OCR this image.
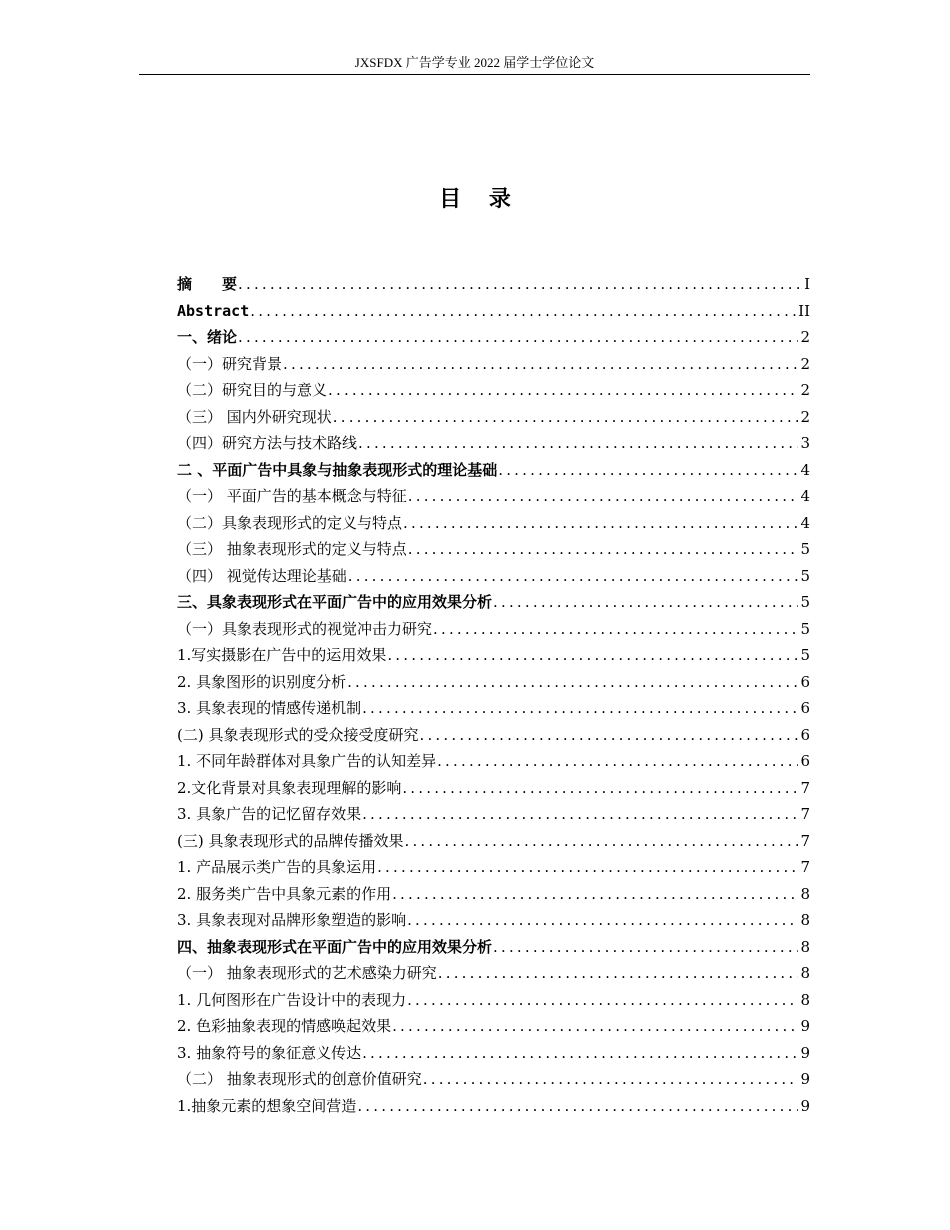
JXSFDX 广告学专业 2022 届学士学位论文
目 录
摘　　要 .....	I
Abstract .....	II
一、绪论 .....	2
（一）研究背景 .....	2
（二）研究目的与意义 .....	2
（三） 国内外研究现状 .....	2
（四）研究方法与技术路线 .....	3
二 、平面广告中具象与抽象表现形式的理论基础 .....	4
（一） 平面广告的基本概念与特征 .....	4
（二）具象表现形式的定义与特点 .....	4
（三） 抽象表现形式的定义与特点 .....	5
（四） 视觉传达理论基础 .....	5
三、具象表现形式在平面广告中的应用效果分析 .....	5
（一）具象表现形式的视觉冲击力研究 .....	5
1.写实摄影在广告中的运用效果 .....	5
2. 具象图形的识别度分析 .....	6
3. 具象表现的情感传递机制 .....	6
(二) 具象表现形式的受众接受度研究 .....	6
1. 不同年龄群体对具象广告的认知差异 .....	6
2.文化背景对具象表现理解的影响 .....	7
3. 具象广告的记忆留存效果 .....	7
(三) 具象表现形式的品牌传播效果 .....	7
1. 产品展示类广告的具象运用 .....	7
2. 服务类广告中具象元素的作用 .....	8
3. 具象表现对品牌形象塑造的影响 .....	8
四、抽象表现形式在平面广告中的应用效果分析 .....	8
（一） 抽象表现形式的艺术感染力研究 .....	8
1. 几何图形在广告设计中的表现力 .....	8
2. 色彩抽象表现的情感唤起效果 .....	9
3. 抽象符号的象征意义传达 .....	9
（二） 抽象表现形式的创意价值研究 .....	9
1.抽象元素的想象空间营造 .....	9
